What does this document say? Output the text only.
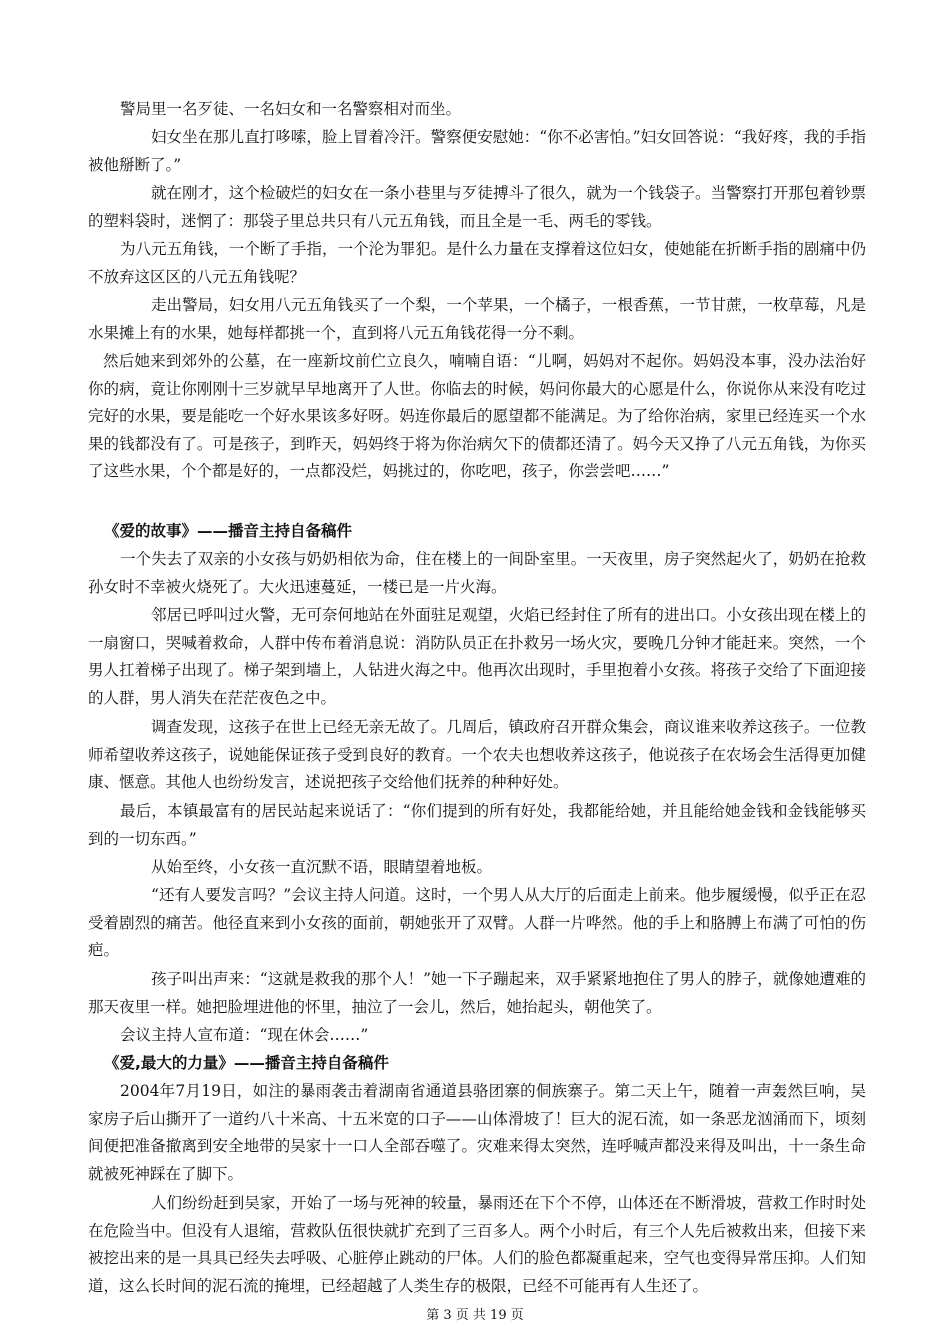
警局里一名歹徒、一名妇女和一名警察相对而坐。

妇女坐在那儿直打哆嗦，脸上冒着冷汗。警察便安慰她：“你不必害怕。”妇女回答说：“我好疼，我的手指被他掰断了。”

就在刚才，这个检破烂的妇女在一条小巷里与歹徒搏斗了很久，就为一个钱袋子。当警察打开那包着钞票的塑料袋时，迷惘了：那袋子里总共只有八元五角钱，而且全是一毛、两毛的零钱。

为八元五角钱，一个断了手指，一个沦为罪犯。是什么力量在支撑着这位妇女，使她能在折断手指的剧痛中仍不放弃这区区的八元五角钱呢？

走出警局，妇女用八元五角钱买了一个梨，一个苹果，一个橘子，一根香蕉，一节甘蔗，一枚草莓，凡是水果摊上有的水果，她每样都挑一个，直到将八元五角钱花得一分不剩。

然后她来到郊外的公墓，在一座新坟前伫立良久，喃喃自语：“儿啊，妈妈对不起你。妈妈没本事，没办法治好你的病，竟让你刚刚十三岁就早早地离开了人世。你临去的时候，妈问你最大的心愿是什么，你说你从来没有吃过完好的水果，要是能吃一个好水果该多好呀。妈连你最后的愿望都不能满足。为了给你治病，家里已经连买一个水果的钱都没有了。可是孩子，到昨天，妈妈终于将为你治病欠下的债都还清了。妈今天又挣了八元五角钱，为你买了这些水果，个个都是好的，一点都没烂，妈挑过的，你吃吧，孩子，你尝尝吧……”

《爱的故事》——播音主持自备稿件

一个失去了双亲的小女孩与奶奶相依为命，住在楼上的一间卧室里。一天夜里，房子突然起火了，奶奶在抢救孙女时不幸被火烧死了。大火迅速蔓延，一楼已是一片火海。

邻居已呼叫过火警，无可奈何地站在外面驻足观望，火焰已经封住了所有的进出口。小女孩出现在楼上的一扇窗口，哭喊着救命，人群中传布着消息说：消防队员正在扑救另一场火灾，要晚几分钟才能赶来。突然，一个男人扛着梯子出现了。梯子架到墙上，人钻进火海之中。他再次出现时，手里抱着小女孩。将孩子交给了下面迎接的人群，男人消失在茫茫夜色之中。

调查发现，这孩子在世上已经无亲无故了。几周后，镇政府召开群众集会，商议谁来收养这孩子。一位教师希望收养这孩子，说她能保证孩子受到良好的教育。一个农夫也想收养这孩子，他说孩子在农场会生活得更加健康、惬意。其他人也纷纷发言，述说把孩子交给他们抚养的种种好处。

最后，本镇最富有的居民站起来说话了：“你们提到的所有好处，我都能给她，并且能给她金钱和金钱能够买到的一切东西。”

从始至终，小女孩一直沉默不语，眼睛望着地板。

“还有人要发言吗？”会议主持人问道。这时，一个男人从大厅的后面走上前来。他步履缓慢，似乎正在忍受着剧烈的痛苦。他径直来到小女孩的面前，朝她张开了双臂。人群一片哗然。他的手上和胳膊上布满了可怕的伤疤。

孩子叫出声来：“这就是救我的那个人！”她一下子蹦起来，双手紧紧地抱住了男人的脖子，就像她遭难的那天夜里一样。她把脸埋进他的怀里，抽泣了一会儿，然后，她抬起头，朝他笑了。

会议主持人宣布道：“现在休会……”

《爱,最大的力量》——播音主持自备稿件

2004年7月19日，如注的暴雨袭击着湖南省通道县骆团寨的侗族寨子。第二天上午，随着一声轰然巨响，吴家房子后山撕开了一道约八十米高、十五米宽的口子——山体滑坡了！巨大的泥石流，如一条恶龙汹涌而下，顷刻间便把准备撤离到安全地带的吴家十一口人全部吞噬了。灾难来得太突然，连呼喊声都没来得及叫出，十一条生命就被死神踩在了脚下。

人们纷纷赶到吴家，开始了一场与死神的较量，暴雨还在下个不停，山体还在不断滑坡，营救工作时时处在危险当中。但没有人退缩，营救队伍很快就扩充到了三百多人。两个小时后，有三个人先后被救出来，但接下来被挖出来的是一具具已经失去呼吸、心脏停止跳动的尸体。人们的脸色都凝重起来，空气也变得异常压抑。人们知道，这么长时间的泥石流的掩埋，已经超越了人类生存的极限，已经不可能再有人生还了。

第 3 页 共 19 页
